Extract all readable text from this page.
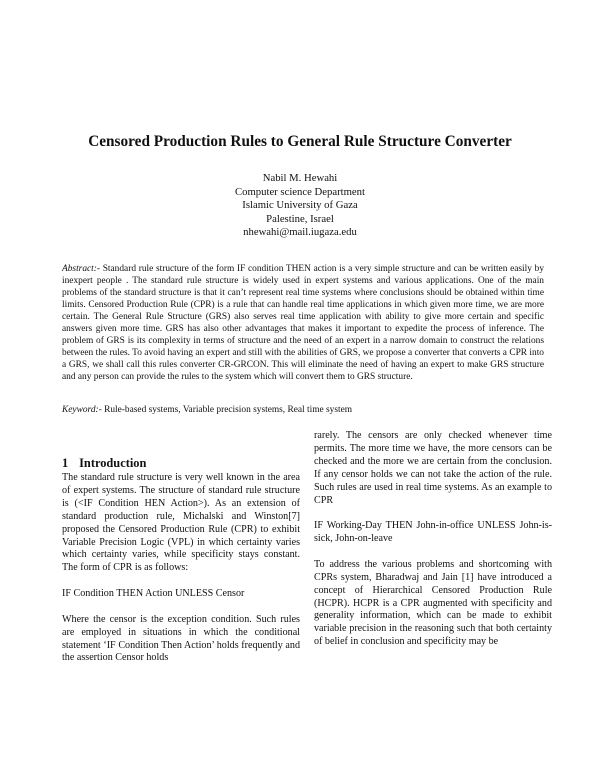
Censored Production Rules to General Rule Structure Converter
Nabil M. Hewahi
Computer science Department
Islamic University of Gaza
Palestine, Israel
nhewahi@mail.iugaza.edu
Abstract:- Standard rule structure of the form IF condition THEN action is a very simple structure and can be written easily by inexpert people . The standard rule structure is widely used in expert systems and various applications. One of the main problems of the standard structure is that it can’t represent real time systems where conclusions should be obtained within time limits. Censored Production Rule (CPR) is a rule that can handle real time applications in which given more time, we are more certain. The General Rule Structure (GRS) also serves real time application with ability to give more certain and specific answers given more time. GRS has also other advantages that makes it important to expedite the process of inference. The problem of GRS is its complexity in terms of structure and the need of an expert in a narrow domain to construct the relations between the rules. To avoid having an expert and still with the abilities of GRS, we propose a converter that converts a CPR into a GRS, we shall call this rules converter CR-GRCON. This will eliminate the need of having an expert to make GRS structure and any person can provide the rules to the system which will convert them to GRS structure.
Keyword:- Rule-based systems, Variable precision systems, Real time system
1 Introduction

The standard rule structure is very well known in the area of expert systems. The structure of standard rule structure is (<IF Condition HEN Action>). As an extension of standard production rule, Michalski and Winston[7] proposed the Censored Production Rule (CPR) to exhibit Variable Precision Logic (VPL) in which certainty varies which certainty varies, while specificity stays constant. The form of CPR is as follows:

IF Condition THEN Action UNLESS Censor

Where the censor is the exception condition. Such rules are employed in situations in which the conditional statement ‘IF Condition Then Action’ holds frequently and the assertion Censor holds

rarely. The censors are only checked whenever time permits. The more time we have, the more censors can be checked and the more we are certain from the conclusion. If any censor holds we can not take the action of the rule. Such rules are used in real time systems. As an example to CPR

IF Working-Day THEN John-in-office UNLESS John-is-sick, John-on-leave

To address the various problems and shortcoming with CPRs system, Bharadwaj and Jain [1] have introduced a concept of Hierarchical Censored Production Rule (HCPR). HCPR is a CPR augmented with specificity and generality information, which can be made to exhibit variable precision in the reasoning such that both certainty of belief in conclusion and specificity may be
